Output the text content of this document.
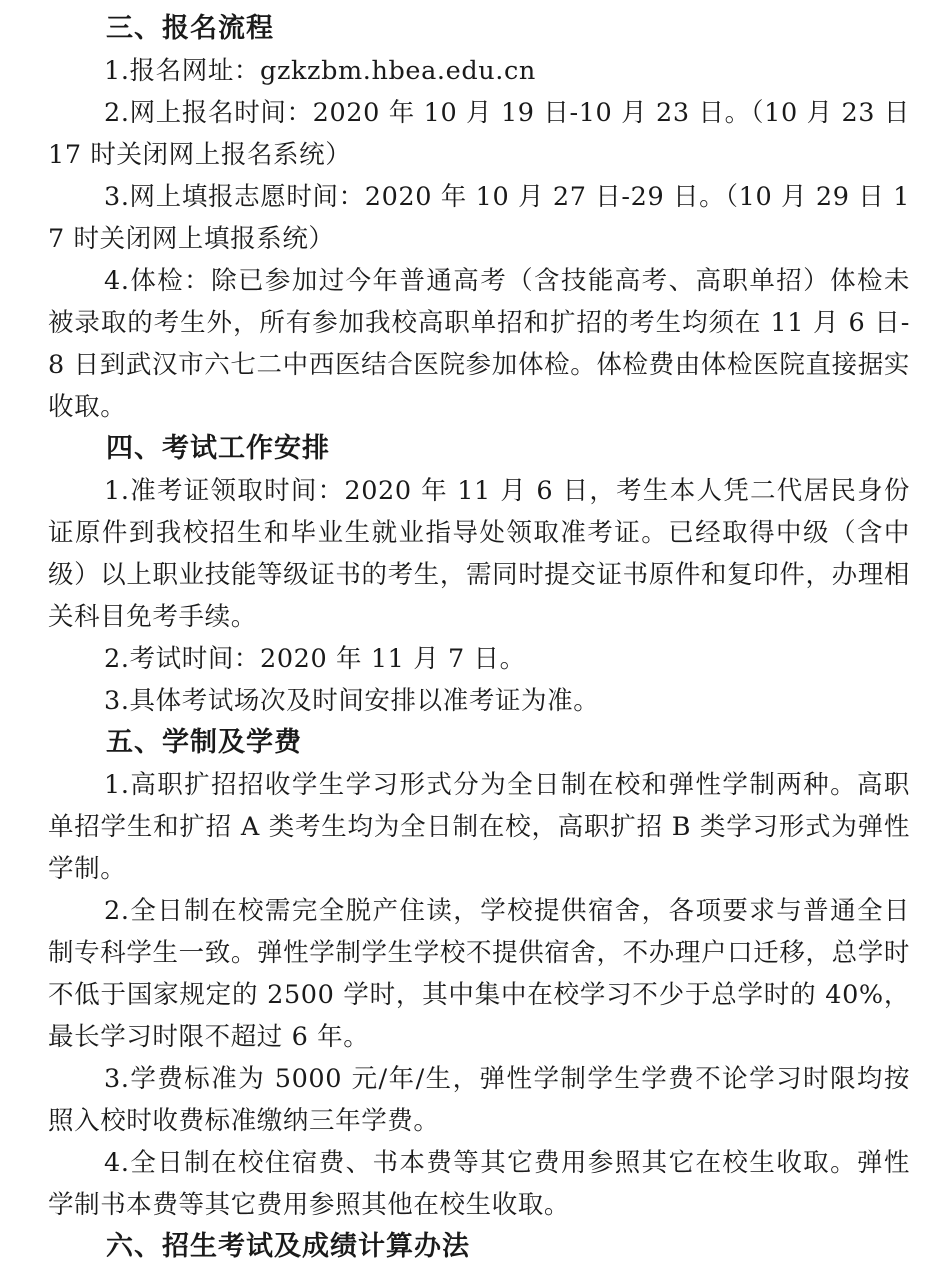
三、报名流程

1.报名网址：gzkzbm.hbea.edu.cn

2.网上报名时间：2020 年 10 月 19 日-10 月 23 日。（10 月 23 日 17 时关闭网上报名系统）

3.网上填报志愿时间：2020 年 10 月 27 日-29 日。（10 月 29 日 17 时关闭网上填报系统）

4.体检：除已参加过今年普通高考（含技能高考、高职单招）体检未被录取的考生外，所有参加我校高职单招和扩招的考生均须在 11 月 6 日-8 日到武汉市六七二中西医结合医院参加体检。体检费由体检医院直接据实收取。

四、考试工作安排

1.准考证领取时间：2020 年 11 月 6 日，考生本人凭二代居民身份证原件到我校招生和毕业生就业指导处领取准考证。已经取得中级（含中级）以上职业技能等级证书的考生，需同时提交证书原件和复印件，办理相关科目免考手续。

2.考试时间：2020 年 11 月 7 日。

3.具体考试场次及时间安排以准考证为准。

五、学制及学费

1.高职扩招招收学生学习形式分为全日制在校和弹性学制两种。高职单招学生和扩招 A 类考生均为全日制在校，高职扩招 B 类学习形式为弹性学制。

2.全日制在校需完全脱产住读，学校提供宿舍，各项要求与普通全日制专科学生一致。弹性学制学生学校不提供宿舍，不办理户口迁移，总学时不低于国家规定的 2500 学时，其中集中在校学习不少于总学时的 40%，最长学习时限不超过 6 年。

3.学费标准为 5000 元/年/生，弹性学制学生学费不论学习时限均按照入校时收费标准缴纳三年学费。

4.全日制在校住宿费、书本费等其它费用参照其它在校生收取。弹性学制书本费等其它费用参照其他在校生收取。

六、招生考试及成绩计算办法
